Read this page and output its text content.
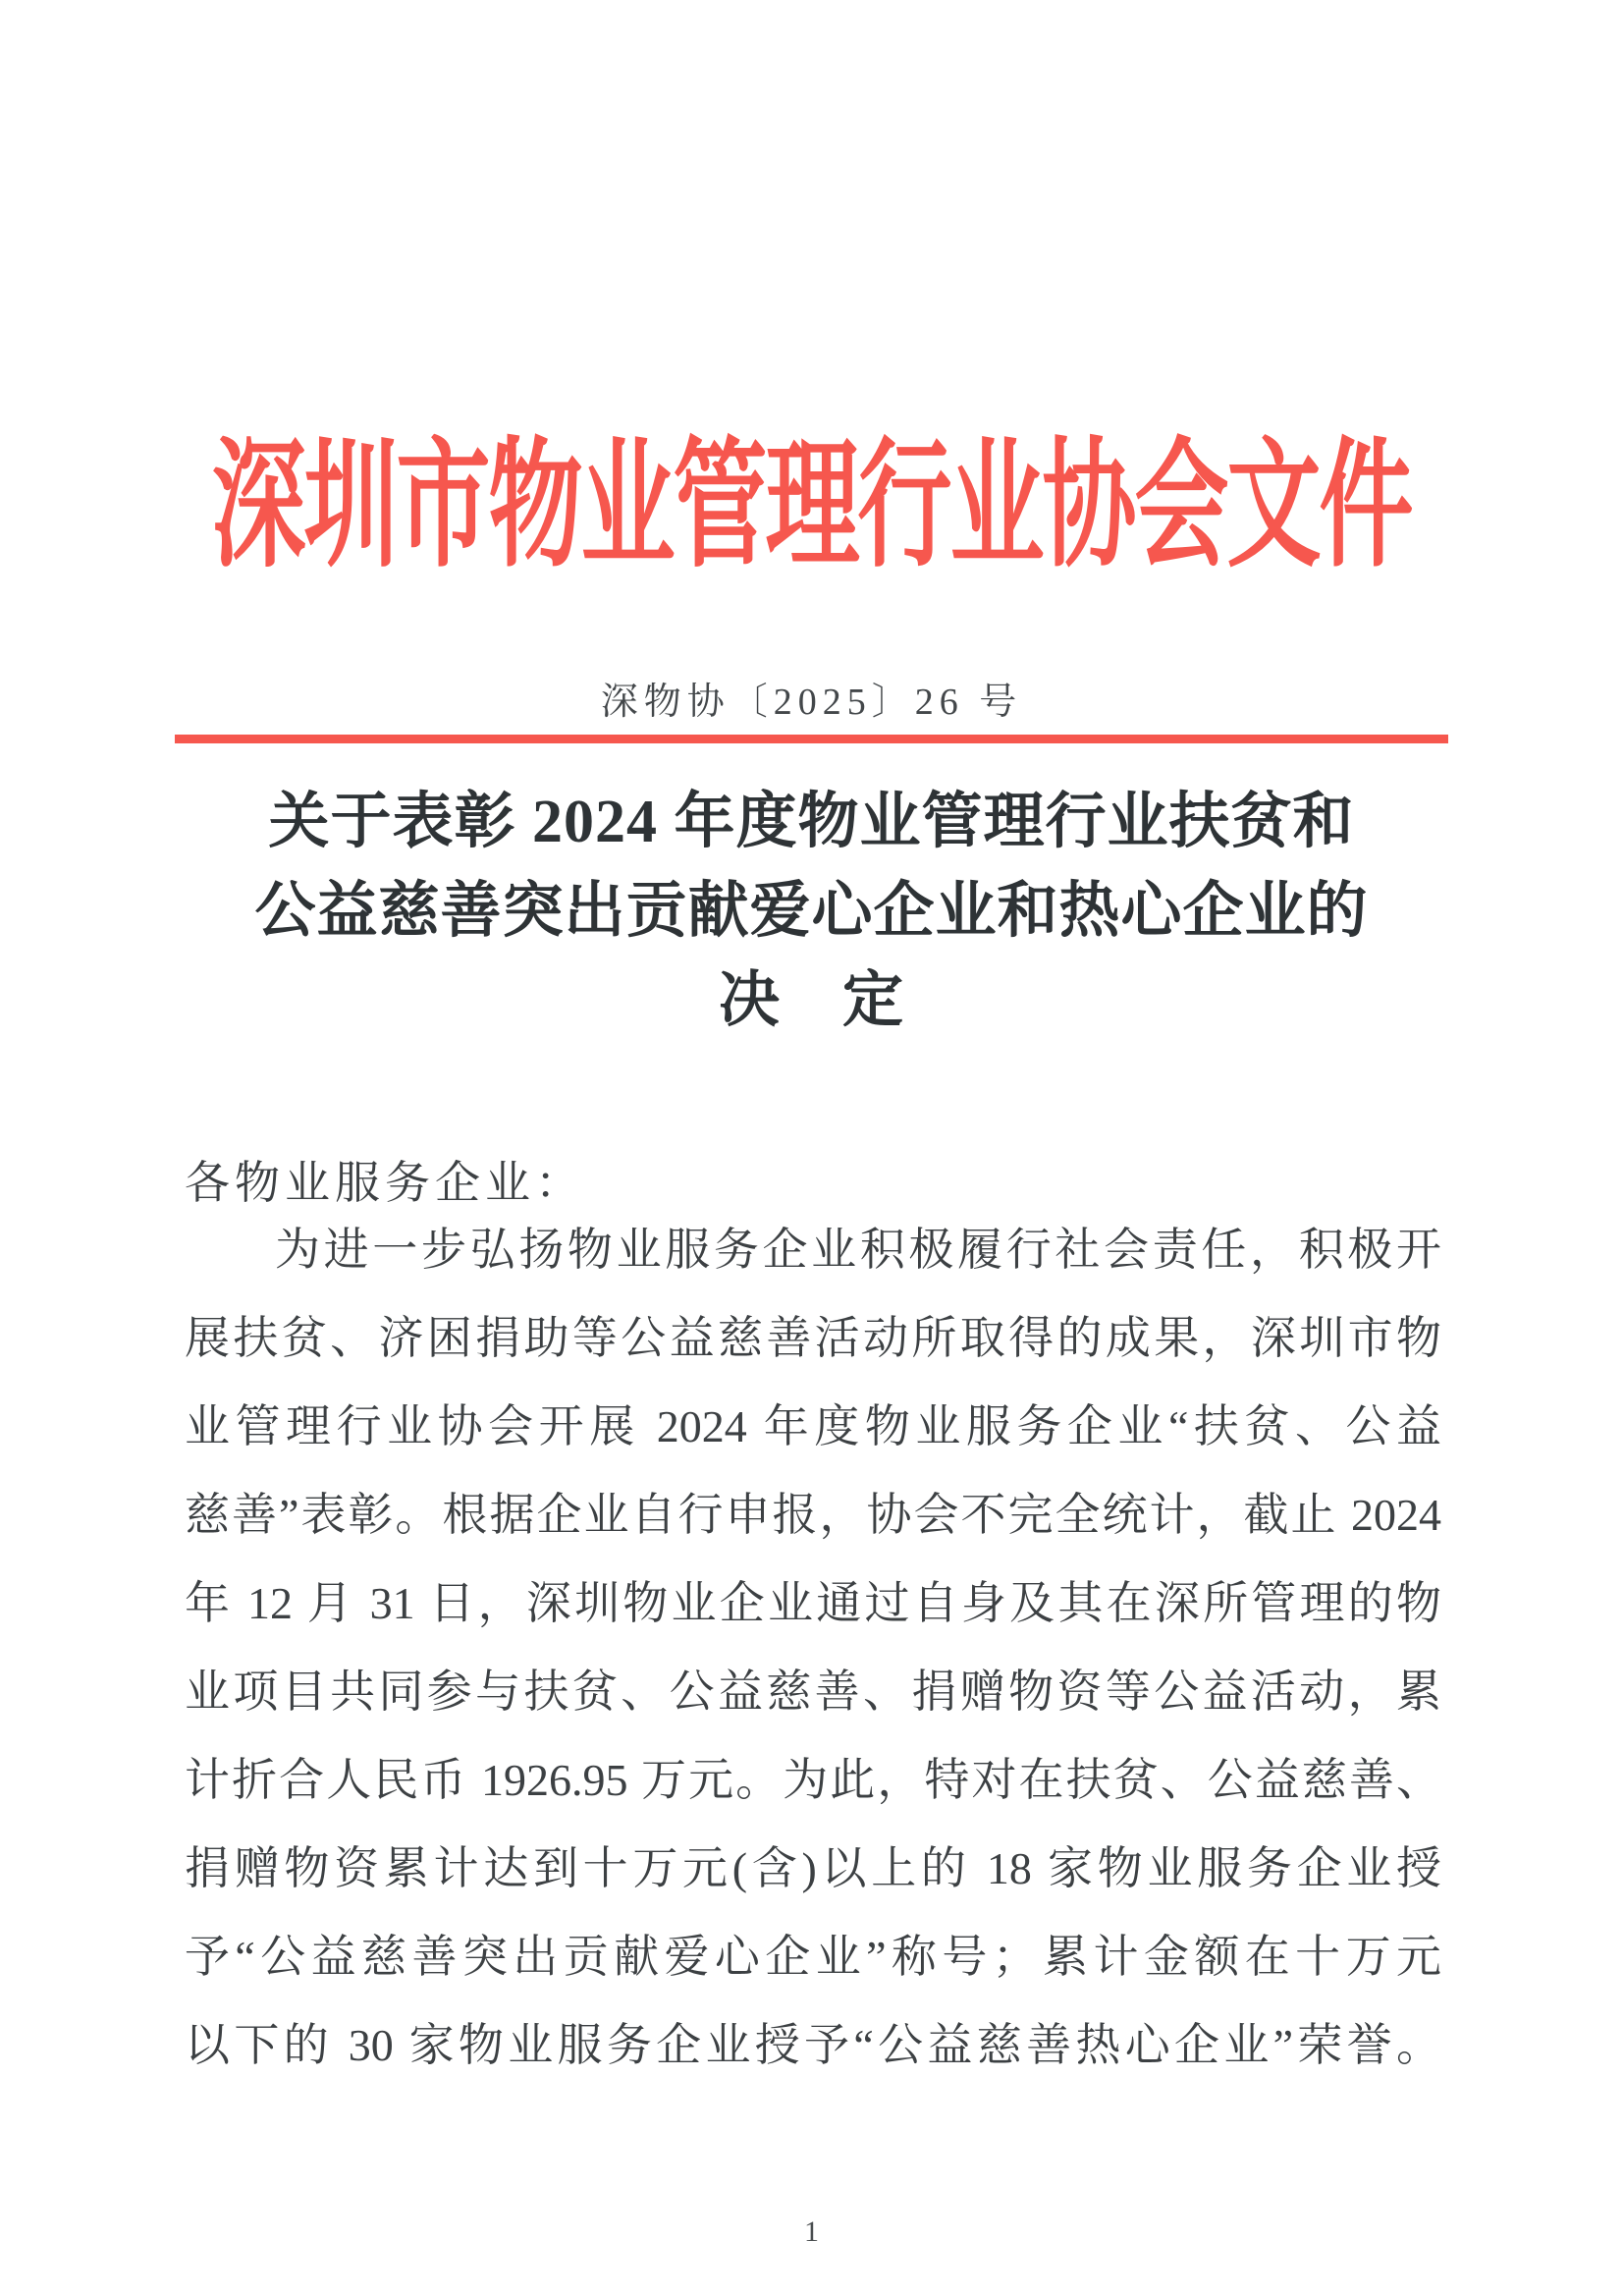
深圳市物业管理行业协会文件
深物协〔2025〕26 号
关于表彰 2024 年度物业管理行业扶贫和
公益慈善突出贡献爱心企业和热心企业的
决　定
各物业服务企业：
为进一步弘扬物业服务企业积极履行社会责任，积极开
展扶贫、济困捐助等公益慈善活动所取得的成果，深圳市物
业管理行业协会开展 2024 年度物业服务企业“扶贫、公益
慈善”表彰。根据企业自行申报，协会不完全统计，截止 2024
年 12 月 31 日，深圳物业企业通过自身及其在深所管理的物
业项目共同参与扶贫、公益慈善、捐赠物资等公益活动，累
计折合人民币 1926.95 万元。为此，特对在扶贫、公益慈善、
捐赠物资累计达到十万元(含)以上的 18 家物业服务企业授
予“公益慈善突出贡献爱心企业”称号；累计金额在十万元
以下的 30 家物业服务企业授予“公益慈善热心企业”荣誉。
1
